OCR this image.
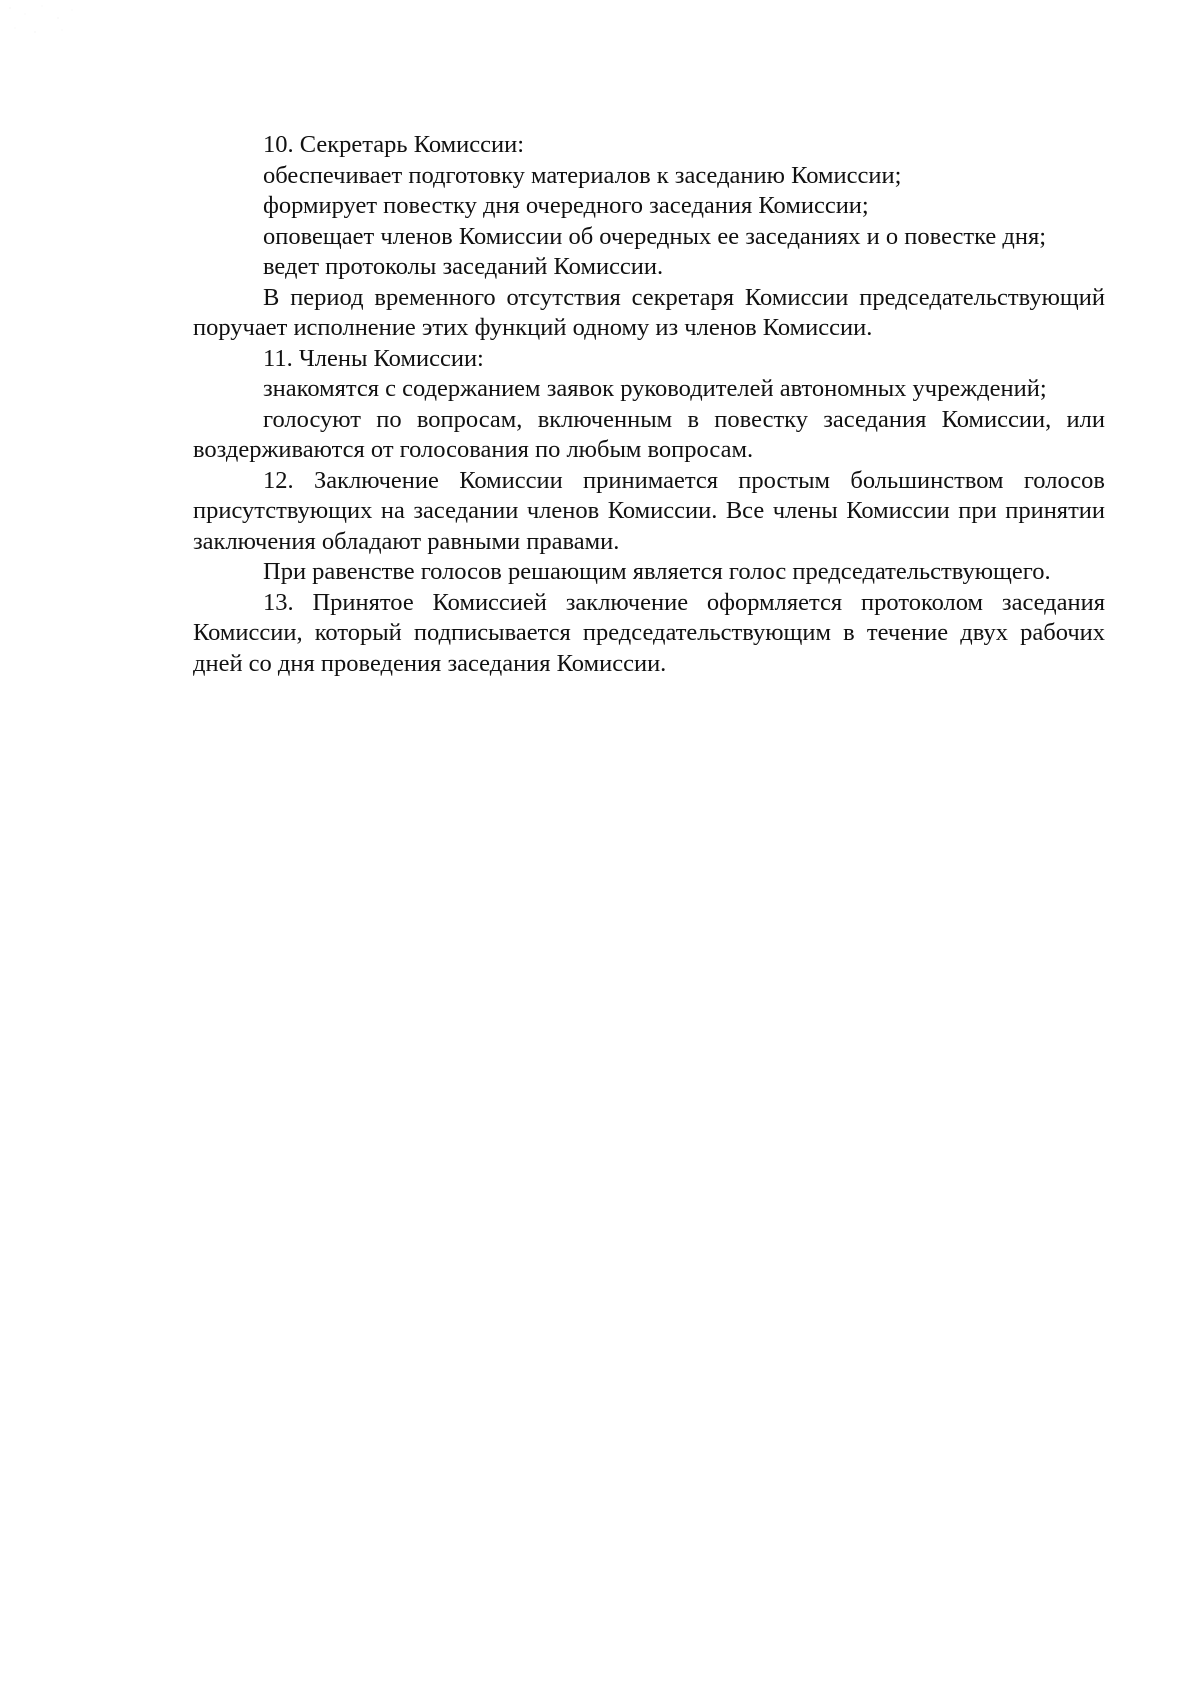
10. Секретарь Комиссии:

обеспечивает подготовку материалов к заседанию Комиссии;

формирует повестку дня очередного заседания Комиссии;

оповещает членов Комиссии об очередных ее заседаниях и о повестке дня;

ведет протоколы заседаний Комиссии.

В период временного отсутствия секретаря Комиссии председательствующий поручает исполнение этих функций одному из членов Комиссии.

11. Члены Комиссии:

знакомятся с содержанием заявок руководителей автономных учреждений;

голосуют по вопросам, включенным в повестку заседания Комиссии, или воздерживаются от голосования по любым вопросам.

12. Заключение Комиссии принимается простым большинством голосов присутствующих на заседании членов Комиссии. Все члены Комиссии при принятии заключения обладают равными правами.

При равенстве голосов решающим является голос председательствующего.

13. Принятое Комиссией заключение оформляется протоколом заседания Комиссии, который подписывается председательствующим в течение двух рабочих дней со дня проведения заседания Комиссии.
